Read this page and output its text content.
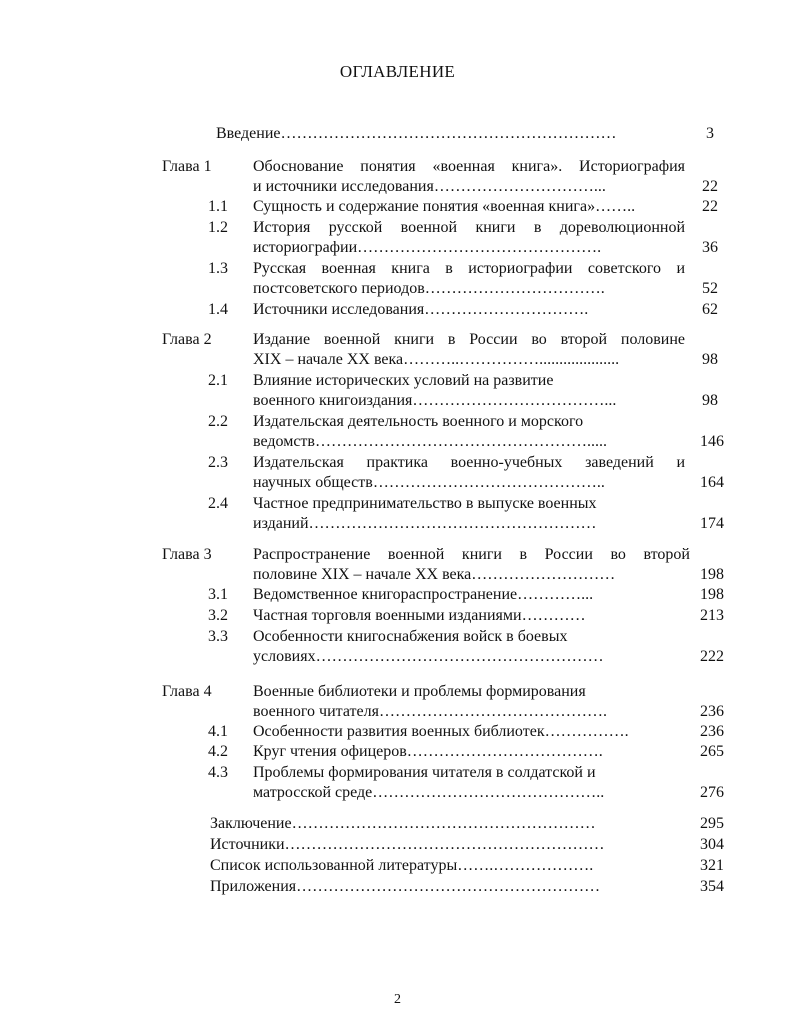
ОГЛАВЛЕНИЕ
Введение………………………………………………………	3
Глава 1	Обоснование понятия «военная книга». Историография
и источники исследования…………………………...	22
1.1 Сущность и содержание понятия «военная книга»……..	22
1.2 История русской военной книги в дореволюционной
историографии……………………………………….	36
1.3 Русская военная книга в историографии советского и
постсоветского периодов…………………………….	52
1.4 Источники исследования………………………….	62
Глава 2	Издание военной книги в России во второй половине
XIX – начале XX века………..……………....................	98
2.1 Влияние исторических условий на развитие
военного книгоиздания………………………………...	98
2.2 Издательская деятельность военного и морского
ведомств…………………………………………….....	146
2.3 Издательская практика военно-учебных заведений и
научных обществ……………………………………..	164
2.4 Частное предпринимательство в выпуске военных
изданий………………………………………………	174
Глава 3	Распространение военной книги в России во второй
половине XIX – начале XX века………………………	198
3.1 Ведомственное книгораспространение…………...	198
3.2 Частная торговля военными изданиями…………	213
3.3 Особенности книгоснабжения войск в боевых
условиях………………………………………………	222
Глава 4	Военные библиотеки и проблемы формирования
военного читателя…………………………………….	236
4.1 Особенности развития военных библиотек…………….	236
4.2 Круг чтения офицеров……………………………….	265
4.3 Проблемы формирования читателя в солдатской и
матросской среде……………………………………..	276
Заключение…………………………………………………	295
Источники……………………………………………………	304
Список использованной литературы…….……………….	321
Приложения…………………………………………………	354
2
